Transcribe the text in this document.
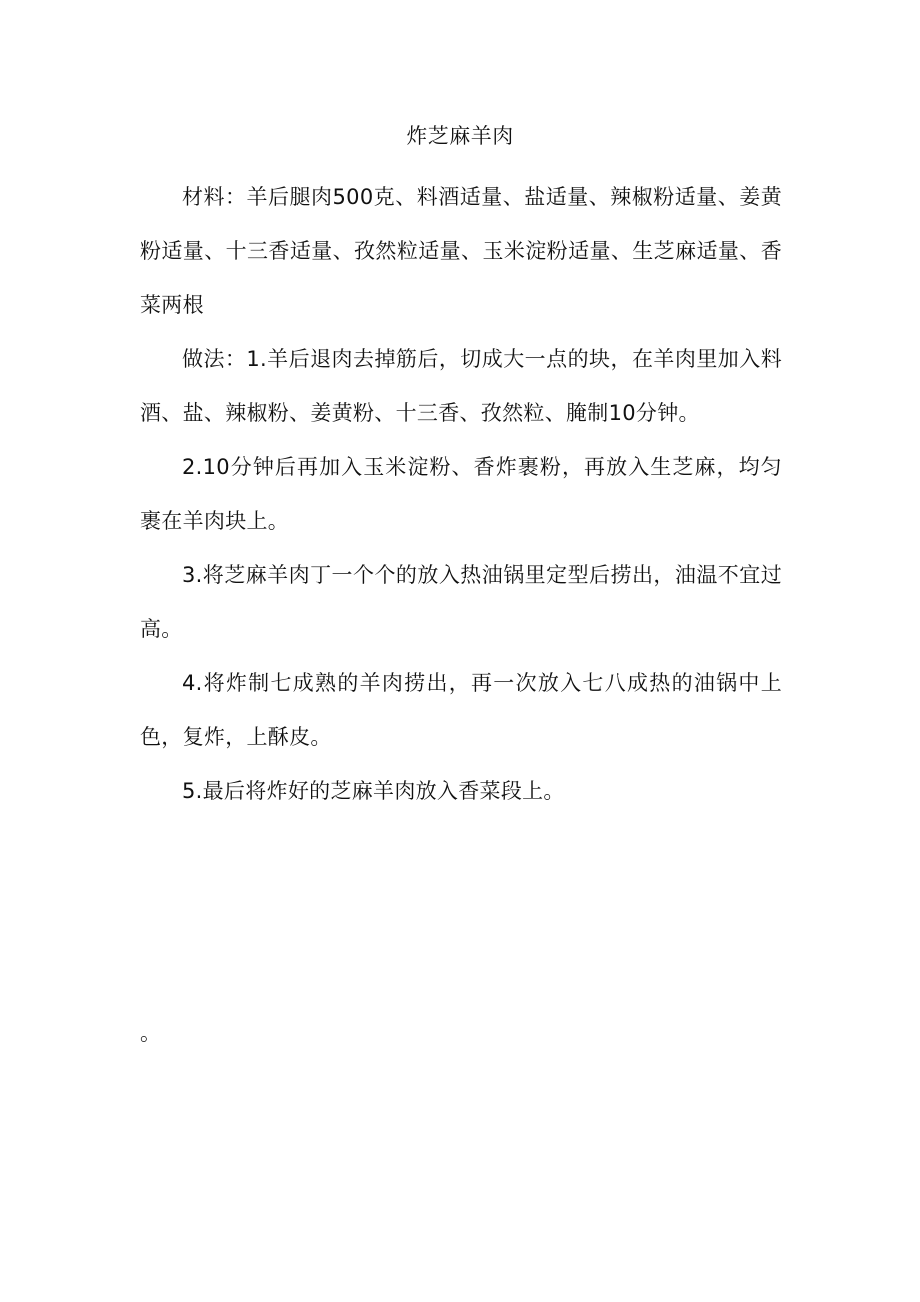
炸芝麻羊肉

材料：羊后腿肉500克、料酒适量、盐适量、辣椒粉适量、姜黄粉适量、十三香适量、孜然粒适量、玉米淀粉适量、生芝麻适量、香菜两根

做法：1.羊后退肉去掉筋后，切成大一点的块，在羊肉里加入料酒、盐、辣椒粉、姜黄粉、十三香、孜然粒、腌制10分钟。

2.10分钟后再加入玉米淀粉、香炸裹粉，再放入生芝麻，均匀裹在羊肉块上。

3.将芝麻羊肉丁一个个的放入热油锅里定型后捞出，油温不宜过高。

4.将炸制七成熟的羊肉捞出，再一次放入七八成热的油锅中上色，复炸，上酥皮。

5.最后将炸好的芝麻羊肉放入香菜段上。

。
